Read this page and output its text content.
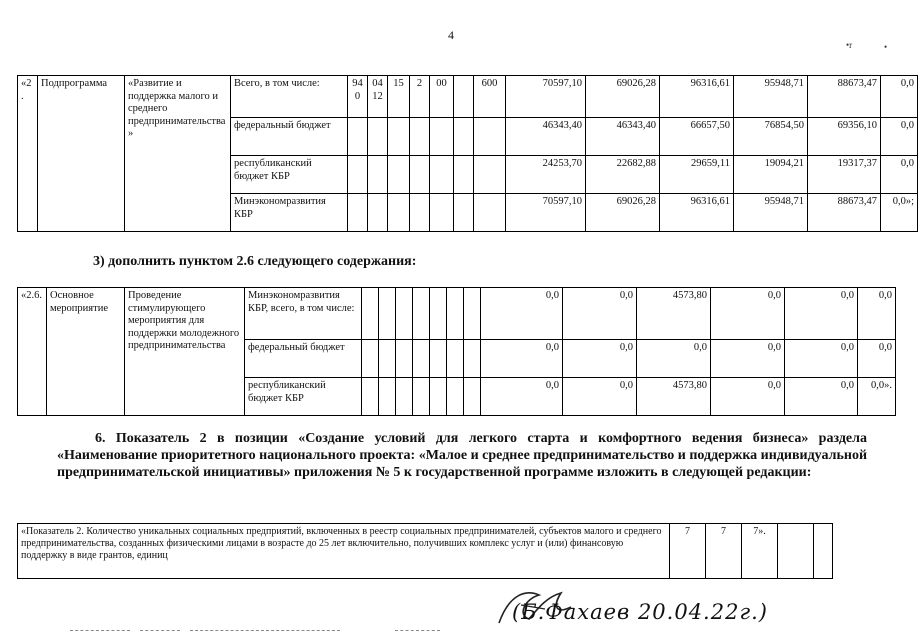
4
•r	•
«2.	Подпрограмма	«Развитие и поддержка малого и среднего предпринимательства»	Всего, в том числе:	94 0	04 12	15	2	00		600	70597,10	69026,28	96316,61	95948,71	88673,47	0,0
			федеральный бюджет								46343,40	46343,40	66657,50	76854,50	69356,10	0,0
			республиканский бюджет КБР								24253,70	22682,88	29659,11	19094,21	19317,37	0,0
			Минэкономразвития КБР								70597,10	69026,28	96316,61	95948,71	88673,47	0,0»;
3) дополнить пунктом 2.6 следующего содержания:
«2.6.	Основное мероприятие	Проведение стимулирующего мероприятия для поддержки молодежного предпринимательства	Минэкономразвития КБР, всего, в том числе:								0,0	0,0	4573,80	0,0	0,0	0,0
			федеральный бюджет								0,0	0,0	0,0	0,0	0,0	0,0
			республиканский бюджет КБР								0,0	0,0	4573,80	0,0	0,0	0,0».
6. Показатель 2 в позиции «Создание условий для легкого старта и комфортного ведения бизнеса» раздела «Наименование приоритетного национального проекта: «Малое и среднее предпринимательство и поддержка индивидуальной предпринимательской инициативы» приложения № 5 к государственной программе изложить в следующей редакции:
«Показатель 2. Количество уникальных социальных предприятий, включенных в реестр социальных предпринимателей, субъектов малого и среднего предпринимательства, созданных физическими лицами в возрасте до 25 лет включительно, получивших комплекс услуг и (или) финансовую поддержку в виде грантов, единиц	7	7	7».		
(Б.Фахаев 20.04.22г.)
